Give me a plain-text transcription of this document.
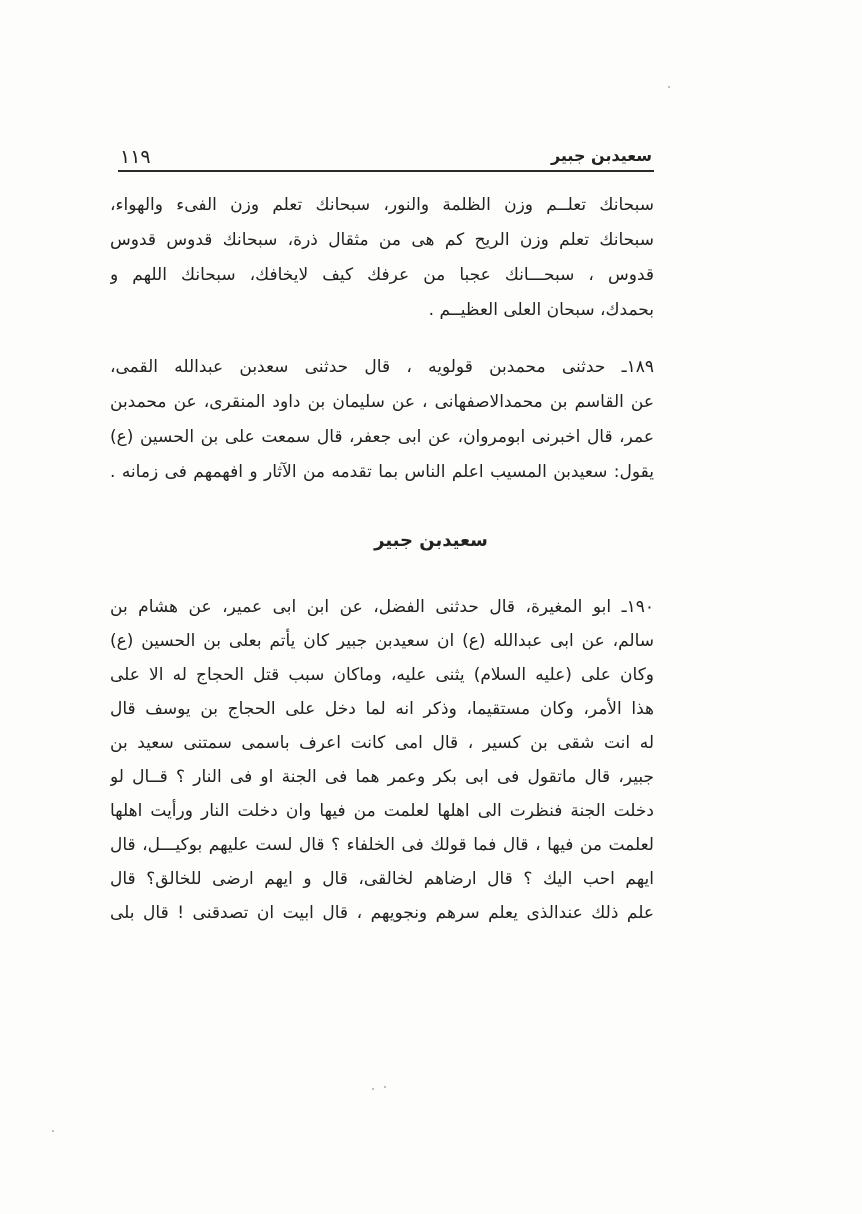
١١٩	سعيدبن جبير
سبحانك تعلــم وزن الظلمة والنور، سبحانك تعلم وزن الفیء والهواء،
سبحانك تعلم وزن الريح كم هی من مثقال ذرة، سبحانك قدوس قدوس
قدوس ، سبحـــانك عجبا من عرفك كيف لايخافك، سبحانك اللهم و
بحمدك، سبحان العلی العظيــم .
١٨٩ـ حدثنی محمدبن قولويه ، قال حدثنی سعدبن عبدالله القمی،
عن القاسم بن محمدالاصفهانی ، عن سليمان بن داود المنقری، عن محمدبن
عمر، قال اخبرنی ابومروان، عن ابی جعفر، قال سمعت علی بن الحسين (ع)
يقول: سعيدبن المسيب اعلم الناس بما تقدمه من الآثار و افهمهم فی زمانه .
سعيدبن جبير
١٩٠ـ ابو المغيرة، قال حدثنی الفضل، عن ابن ابی عمير، عن هشام بن
سالم، عن ابی عبدالله (ع) ان سعيدبن جبير كان يأتم بعلی بن الحسين (ع)
وكان علی (عليه السلام) يثنی عليه، وماكان سبب قتل الحجاج له الا علی
هذا الأمر، وكان مستقيما، وذكر انه لما دخل علی الحجاج بن يوسف قال
له انت شقی بن كسير ، قال امی كانت اعرف باسمی سمتنی سعيد بن
جبير، قال ماتقول فی ابی بكر وعمر هما فی الجنة او فی النار ؟ قــال لو
دخلت الجنة فنظرت الی اهلها لعلمت من فيها وان دخلت النار ورأيت اهلها
لعلمت من فيها ، قال فما قولك فی الخلفاء ؟ قال لست عليهم بوكيـــل، قال
ايهم احب اليك ؟ قال ارضاهم لخالقی، قال و ايهم ارضی للخالق؟ قال
علم ذلك عندالذی يعلم سرهم ونجويهم ، قال ابيت ان تصدقنی ! قال بلی
